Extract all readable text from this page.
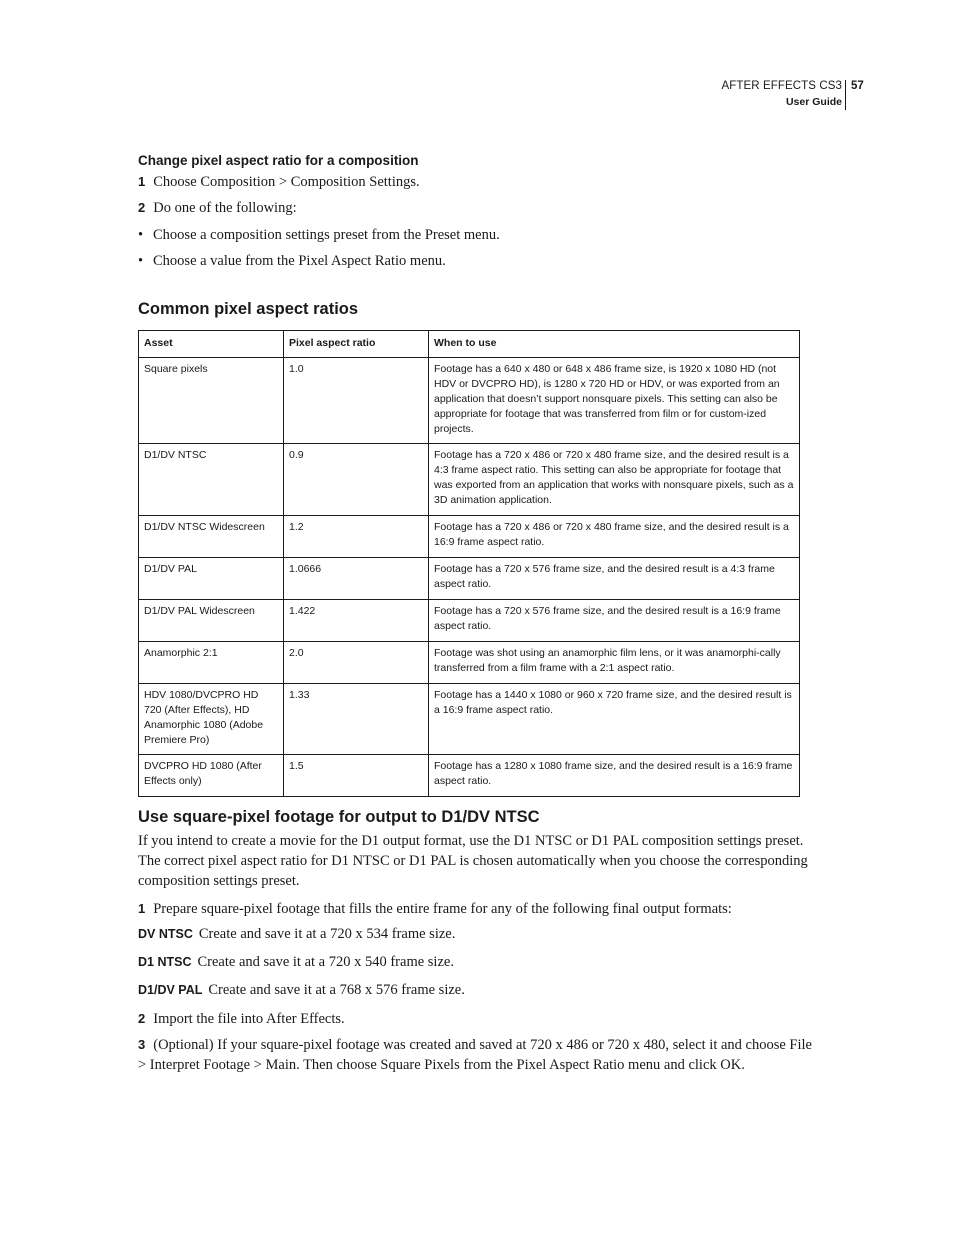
AFTER EFFECTS CS3
User Guide
57
Change pixel aspect ratio for a composition
1 Choose Composition > Composition Settings.
2 Do one of the following:
• Choose a composition settings preset from the Preset menu.
• Choose a value from the Pixel Aspect Ratio menu.
Common pixel aspect ratios
Asset	Pixel aspect ratio	When to use
Square pixels	1.0	Footage has a 640 x 480 or 648 x 486 frame size, is 1920 x 1080 HD (not HDV or DVCPRO HD), is 1280 x 720 HD or HDV, or was exported from an application that doesn’t support nonsquare pixels. This setting can also be appropriate for footage that was transferred from film or for custom-ized projects.
D1/DV NTSC	0.9	Footage has a 720 x 486 or 720 x 480 frame size, and the desired result is a 4:3 frame aspect ratio. This setting can also be appropriate for footage that was exported from an application that works with nonsquare pixels, such as a 3D animation application.
D1/DV NTSC Widescreen	1.2	Footage has a 720 x 486 or 720 x 480 frame size, and the desired result is a 16:9 frame aspect ratio.
D1/DV PAL	1.0666	Footage has a 720 x 576 frame size, and the desired result is a 4:3 frame aspect ratio.
D1/DV PAL Widescreen	1.422	Footage has a 720 x 576 frame size, and the desired result is a 16:9 frame aspect ratio.
Anamorphic 2:1	2.0	Footage was shot using an anamorphic film lens, or it was anamorphi-cally transferred from a film frame with a 2:1 aspect ratio.
HDV 1080/DVCPRO HD 720 (After Effects), HD Anamorphic 1080 (Adobe Premiere Pro)	1.33	Footage has a 1440 x 1080 or 960 x 720 frame size, and the desired result is a 16:9 frame aspect ratio.
DVCPRO HD 1080 (After Effects only)	1.5	Footage has a 1280 x 1080 frame size, and the desired result is a 16:9 frame aspect ratio.
Use square-pixel footage for output to D1/DV NTSC
If you intend to create a movie for the D1 output format, use the D1 NTSC or D1 PAL composition settings preset. The correct pixel aspect ratio for D1 NTSC or D1 PAL is chosen automatically when you choose the corresponding composition settings preset.
1 Prepare square-pixel footage that fills the entire frame for any of the following final output formats:
DV NTSC Create and save it at a 720 x 534 frame size.
D1 NTSC Create and save it at a 720 x 540 frame size.
D1/DV PAL Create and save it at a 768 x 576 frame size.
2 Import the file into After Effects.
3 (Optional) If your square-pixel footage was created and saved at 720 x 486 or 720 x 480, select it and choose File > Interpret Footage > Main. Then choose Square Pixels from the Pixel Aspect Ratio menu and click OK.
